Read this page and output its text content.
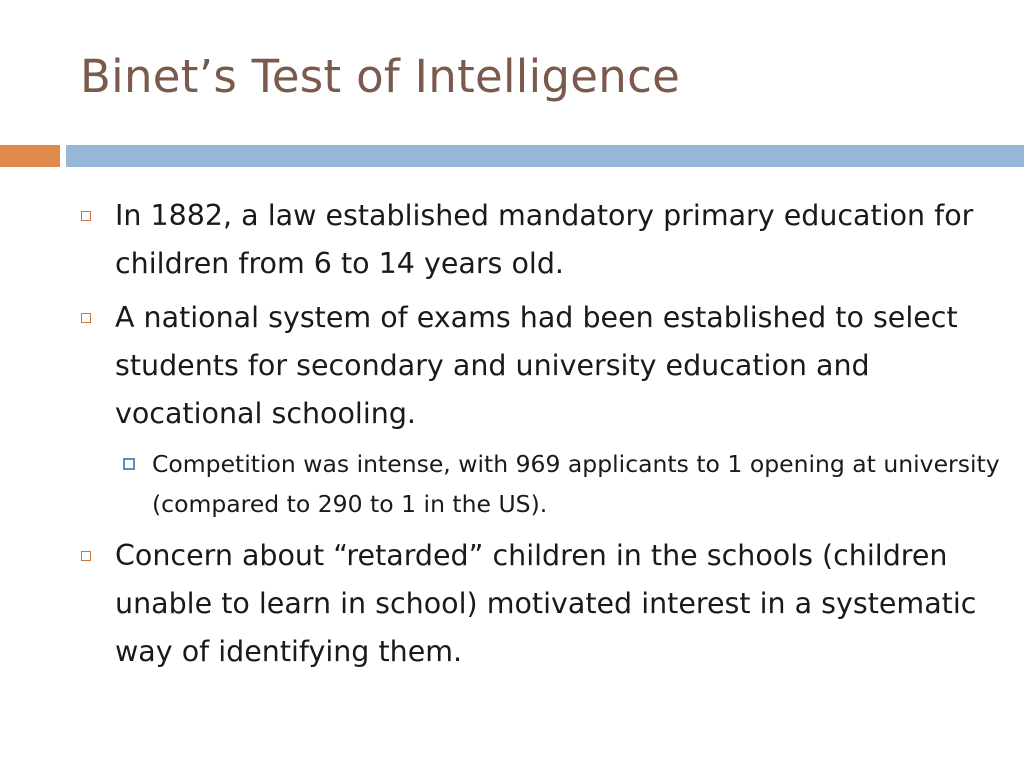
Binet’s Test of Intelligence
In 1882, a law established mandatory primary education for children from 6 to 14 years old.
A national system of exams had been established to select students for secondary and university education and vocational schooling.
Competition was intense, with 969 applicants to 1 opening at university (compared to 290 to 1 in the US).
Concern about “retarded” children in the schools (children unable to learn in school) motivated interest in a systematic way of identifying them.
